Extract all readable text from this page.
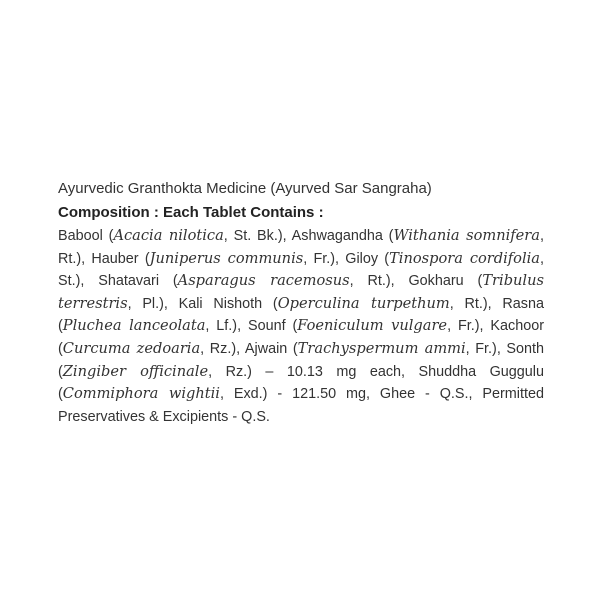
Ayurvedic Granthokta Medicine (Ayurved Sar Sangraha)

Composition : Each Tablet Contains :

Babool (Acacia nilotica, St. Bk.), Ashwagandha (Withania somnifera, Rt.), Hauber (Juniperus communis, Fr.), Giloy (Tinospora cordifolia, St.), Shatavari (Asparagus racemosus, Rt.), Gokharu (Tribulus terrestris, Pl.), Kali Nishoth (Operculina turpethum, Rt.), Rasna (Pluchea lanceolata, Lf.), Sounf (Foeniculum vulgare, Fr.), Kachoor (Curcuma zedoaria, Rz.), Ajwain (Trachyspermum ammi, Fr.), Sonth (Zingiber officinale, Rz.) – 10.13 mg each, Shuddha Guggulu (Commiphora wightii, Exd.) - 121.50 mg, Ghee - Q.S., Permitted Preservatives & Excipients - Q.S.
